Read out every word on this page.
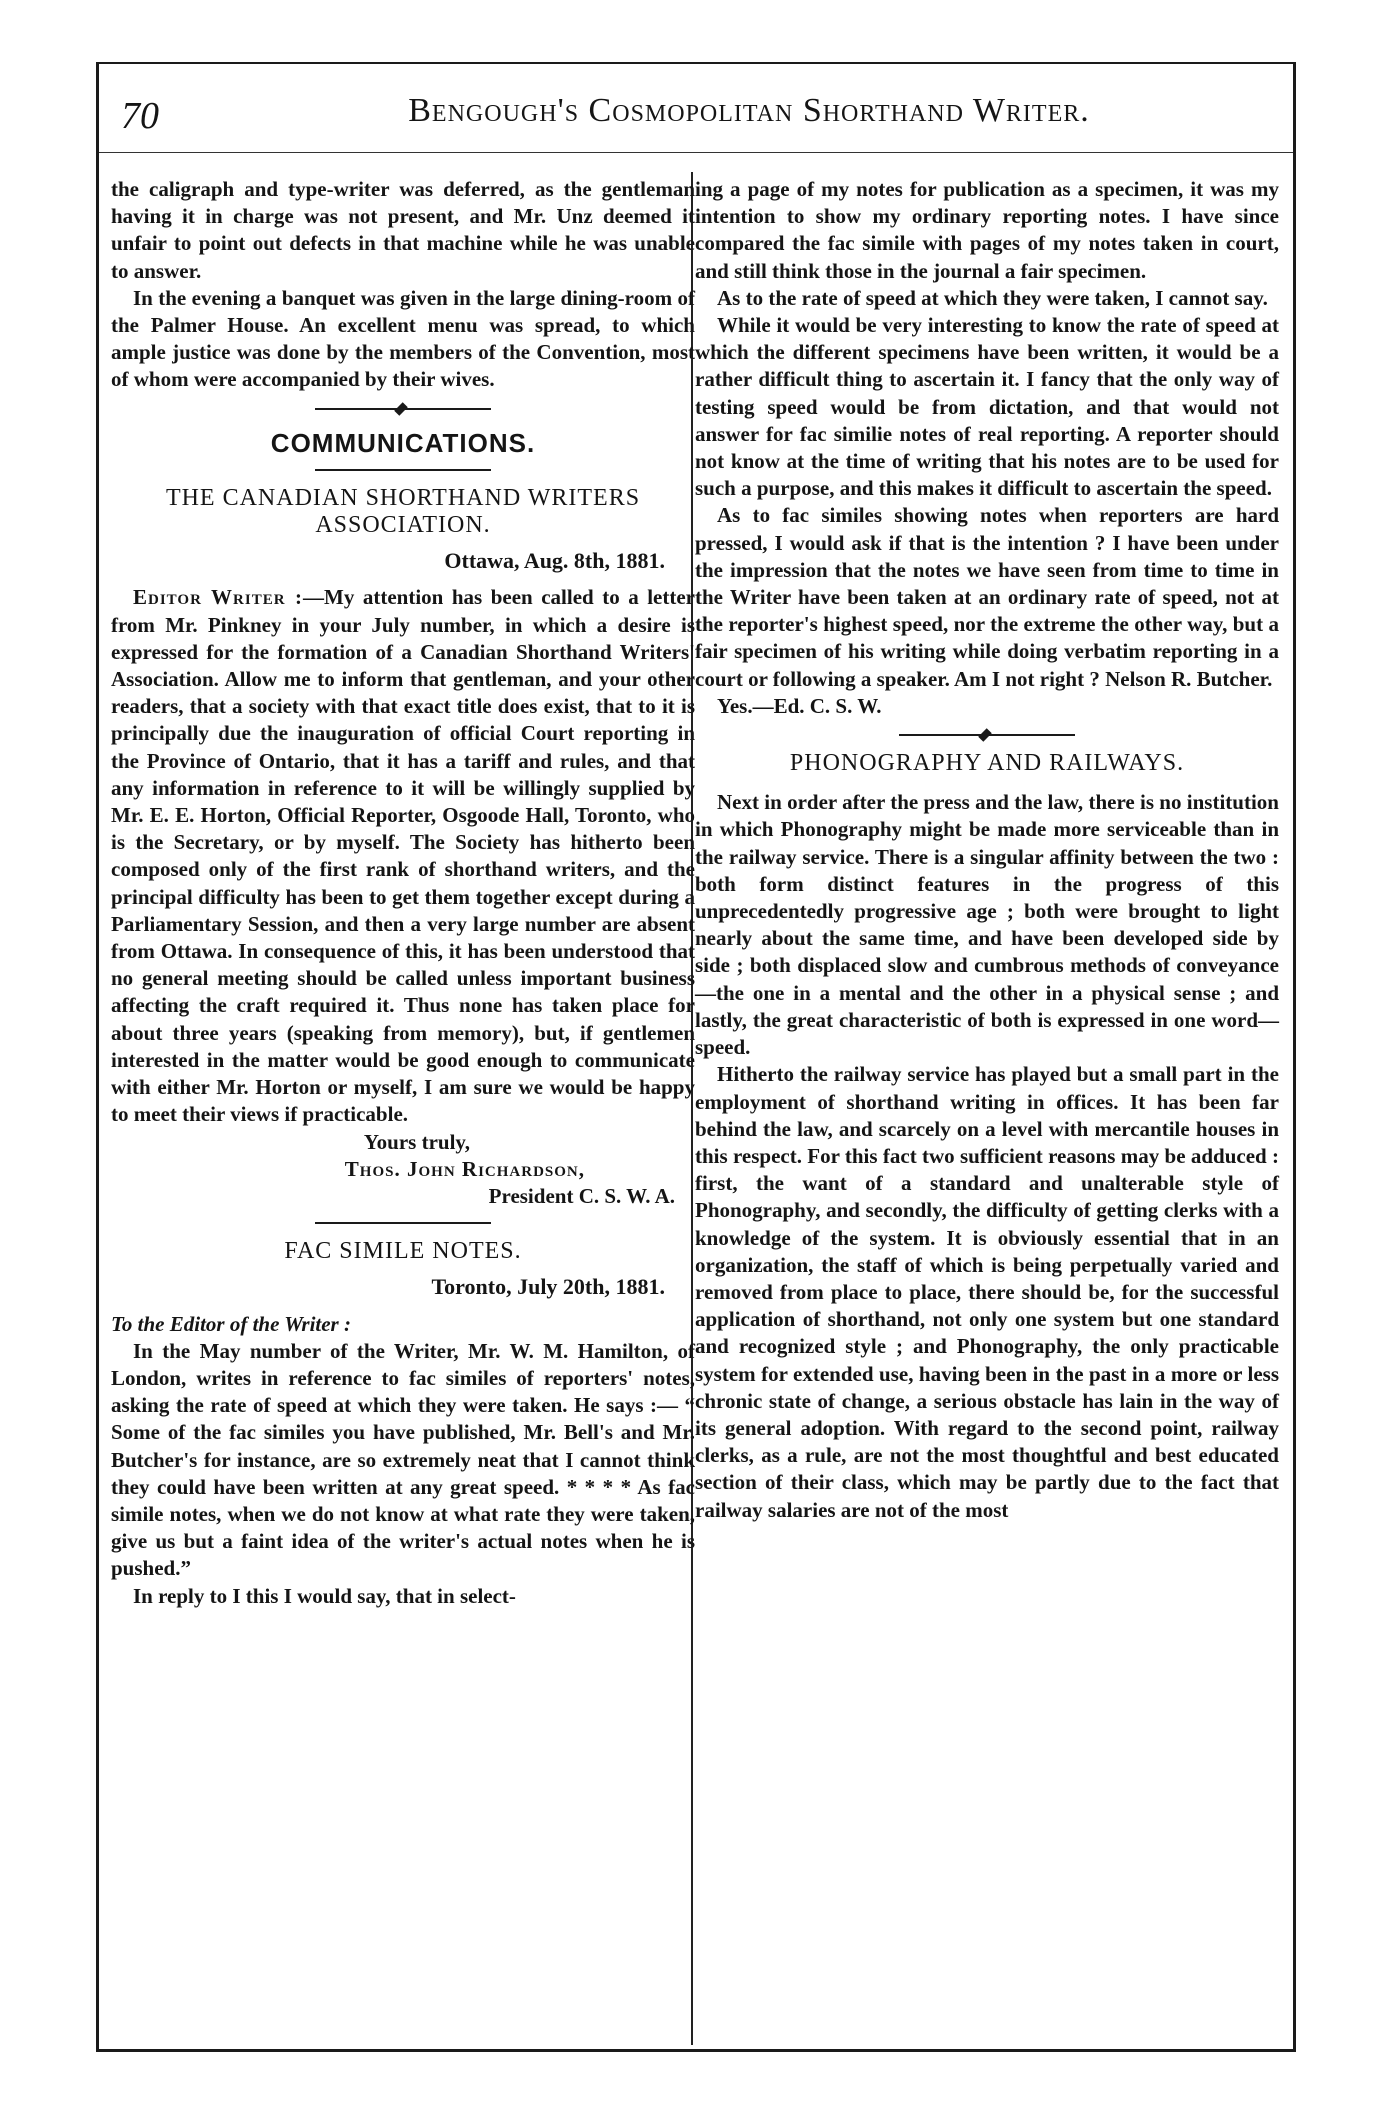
70	Bengough's Cosmopolitan Shorthand Writer.

the caligraph and type-writer was deferred, as the gentleman having it in charge was not present, and Mr. Unz deemed it unfair to point out defects in that machine while he was unable to answer.

In the evening a banquet was given in the large dining-room of the Palmer House. An excellent menu was spread, to which ample justice was done by the members of the Convention, most of whom were accompanied by their wives.

COMMUNICATIONS.
THE CANADIAN SHORTHAND WRITERS ASSOCIATION.
Ottawa, Aug. 8th, 1881.

Editor Writer :—My attention has been called to a letter from Mr. Pinkney in your July number, in which a desire is expressed for the formation of a Canadian Shorthand Writers' Association. Allow me to inform that gentleman, and your other readers, that a society with that exact title does exist, that to it is principally due the inauguration of official Court reporting in the Province of Ontario, that it has a tariff and rules, and that any information in reference to it will be willingly supplied by Mr. E. E. Horton, Official Reporter, Osgoode Hall, Toronto, who is the Secretary, or by myself. The Society has hitherto been composed only of the first rank of shorthand writers, and the principal difficulty has been to get them together except during a Parliamentary Session, and then a very large number are absent from Ottawa. In consequence of this, it has been understood that no general meeting should be called unless important business affecting the craft required it. Thus none has taken place for about three years (speaking from memory), but, if gentlemen interested in the matter would be good enough to communicate with either Mr. Horton or myself, I am sure we would be happy to meet their views if practicable.

Yours truly,

Thos. John Richardson,

President C. S. W. A.

FAC SIMILE NOTES.
Toronto, July 20th, 1881.

To the Editor of the Writer :

In the May number of the Writer, Mr. W. M. Hamilton, of London, writes in reference to fac similes of reporters' notes, asking the rate of speed at which they were taken. He says :— “ Some of the fac similes you have published, Mr. Bell's and Mr. Butcher's for instance, are so extremely neat that I cannot think they could have been written at any great speed. * * * * As fac simile notes, when we do not know at what rate they were taken, give us but a faint idea of the writer's actual notes when he is pushed.”

In reply to I this I would say, that in select-

ing a page of my notes for publication as a specimen, it was my intention to show my ordinary reporting notes. I have since compared the fac simile with pages of my notes taken in court, and still think those in the journal a fair specimen.

As to the rate of speed at which they were taken, I cannot say.

While it would be very interesting to know the rate of speed at which the different specimens have been written, it would be a rather difficult thing to ascertain it. I fancy that the only way of testing speed would be from dictation, and that would not answer for fac similie notes of real reporting. A reporter should not know at the time of writing that his notes are to be used for such a purpose, and this makes it difficult to ascertain the speed.

As to fac similes showing notes when reporters are hard pressed, I would ask if that is the intention ? I have been under the impression that the notes we have seen from time to time in the Writer have been taken at an ordinary rate of speed, not at the reporter's highest speed, nor the extreme the other way, but a fair specimen of his writing while doing verbatim reporting in a court or following a speaker. Am I not right ? Nelson R. Butcher.

Yes.—Ed. C. S. W.

PHONOGRAPHY AND RAILWAYS.

Next in order after the press and the law, there is no institution in which Phonography might be made more serviceable than in the railway service. There is a singular affinity between the two : both form distinct features in the progress of this unprecedentedly progressive age ; both were brought to light nearly about the same time, and have been developed side by side ; both displaced slow and cumbrous methods of conveyance—the one in a mental and the other in a physical sense ; and lastly, the great characteristic of both is expressed in one word—speed.

Hitherto the railway service has played but a small part in the employment of shorthand writing in offices. It has been far behind the law, and scarcely on a level with mercantile houses in this respect. For this fact two sufficient reasons may be adduced : first, the want of a standard and unalterable style of Phonography, and secondly, the difficulty of getting clerks with a knowledge of the system. It is obviously essential that in an organization, the staff of which is being perpetually varied and removed from place to place, there should be, for the successful application of shorthand, not only one system but one standard and recognized style ; and Phonography, the only practicable system for extended use, having been in the past in a more or less chronic state of change, a serious obstacle has lain in the way of its general adoption. With regard to the second point, railway clerks, as a rule, are not the most thoughtful and best educated section of their class, which may be partly due to the fact that railway salaries are not of the most
